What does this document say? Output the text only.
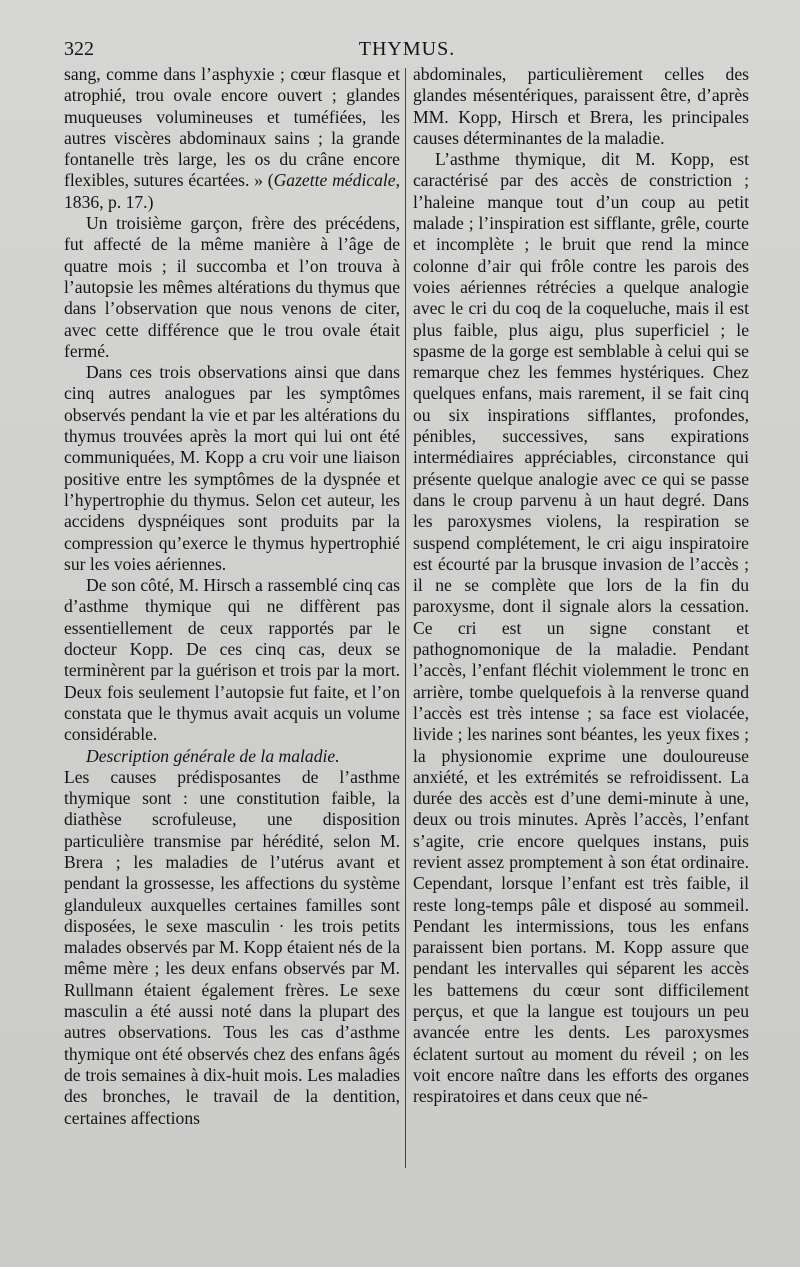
322	THYMUS.

sang, comme dans l’asphyxie ; cœur flasque et atrophié, trou ovale encore ouvert ; glandes muqueuses volumineuses et tuméfiées, les autres viscères abdominaux sains ; la grande fontanelle très large, les os du crâne encore flexibles, sutures écartées. » (Gazette médicale, 1836, p. 17.)

Un troisième garçon, frère des précédens, fut affecté de la même manière à l’âge de quatre mois ; il succomba et l’on trouva à l’autopsie les mêmes altérations du thymus que dans l’observation que nous venons de citer, avec cette différence que le trou ovale était fermé.

Dans ces trois observations ainsi que dans cinq autres analogues par les symptômes observés pendant la vie et par les altérations du thymus trouvées après la mort qui lui ont été communiquées, M. Kopp a cru voir une liaison positive entre les symptômes de la dyspnée et l’hypertrophie du thymus. Selon cet auteur, les accidens dyspnéiques sont produits par la compression qu’exerce le thymus hypertrophié sur les voies aériennes.

De son côté, M. Hirsch a rassemblé cinq cas d’asthme thymique qui ne diffèrent pas essentiellement de ceux rapportés par le docteur Kopp. De ces cinq cas, deux se terminèrent par la guérison et trois par la mort. Deux fois seulement l’autopsie fut faite, et l’on constata que le thymus avait acquis un volume considérable.

Description générale de la maladie.

Les causes prédisposantes de l’asthme thymique sont : une constitution faible, la diathèse scrofuleuse, une disposition particulière transmise par hérédité, selon M. Brera ; les maladies de l’utérus avant et pendant la grossesse, les affections du système glanduleux auxquelles certaines familles sont disposées, le sexe masculin · les trois petits malades observés par M. Kopp étaient nés de la même mère ; les deux enfans observés par M. Rullmann étaient également frères. Le sexe masculin a été aussi noté dans la plupart des autres observations. Tous les cas d’asthme thymique ont été observés chez des enfans âgés de trois semaines à dix-huit mois. Les maladies des bronches, le travail de la dentition, certaines affections

abdominales, particulièrement celles des glandes mésentériques, paraissent être, d’après MM. Kopp, Hirsch et Brera, les principales causes déterminantes de la maladie.

L’asthme thymique, dit M. Kopp, est caractérisé par des accès de constriction ; l’haleine manque tout d’un coup au petit malade ; l’inspiration est sifflante, grêle, courte et incomplète ; le bruit que rend la mince colonne d’air qui frôle contre les parois des voies aériennes rétrécies a quelque analogie avec le cri du coq de la coqueluche, mais il est plus faible, plus aigu, plus superficiel ; le spasme de la gorge est semblable à celui qui se remarque chez les femmes hystériques. Chez quelques enfans, mais rarement, il se fait cinq ou six inspirations sifflantes, profondes, pénibles, successives, sans expirations intermédiaires appréciables, circonstance qui présente quelque analogie avec ce qui se passe dans le croup parvenu à un haut degré. Dans les paroxysmes violens, la respiration se suspend complétement, le cri aigu inspiratoire est écourté par la brusque invasion de l’accès ; il ne se complète que lors de la fin du paroxysme, dont il signale alors la cessation. Ce cri est un signe constant et pathognomonique de la maladie. Pendant l’accès, l’enfant fléchit violemment le tronc en arrière, tombe quelquefois à la renverse quand l’accès est très intense ; sa face est violacée, livide ; les narines sont béantes, les yeux fixes ; la physionomie exprime une douloureuse anxiété, et les extrémités se refroidissent. La durée des accès est d’une demi-minute à une, deux ou trois minutes. Après l’accès, l’enfant s’agite, crie encore quelques instans, puis revient assez promptement à son état ordinaire. Cependant, lorsque l’enfant est très faible, il reste long-temps pâle et disposé au sommeil. Pendant les intermissions, tous les enfans paraissent bien portans. M. Kopp assure que pendant les intervalles qui séparent les accès les battemens du cœur sont difficilement perçus, et que la langue est toujours un peu avancée entre les dents. Les paroxysmes éclatent surtout au moment du réveil ; on les voit encore naître dans les efforts des organes respiratoires et dans ceux que né-
